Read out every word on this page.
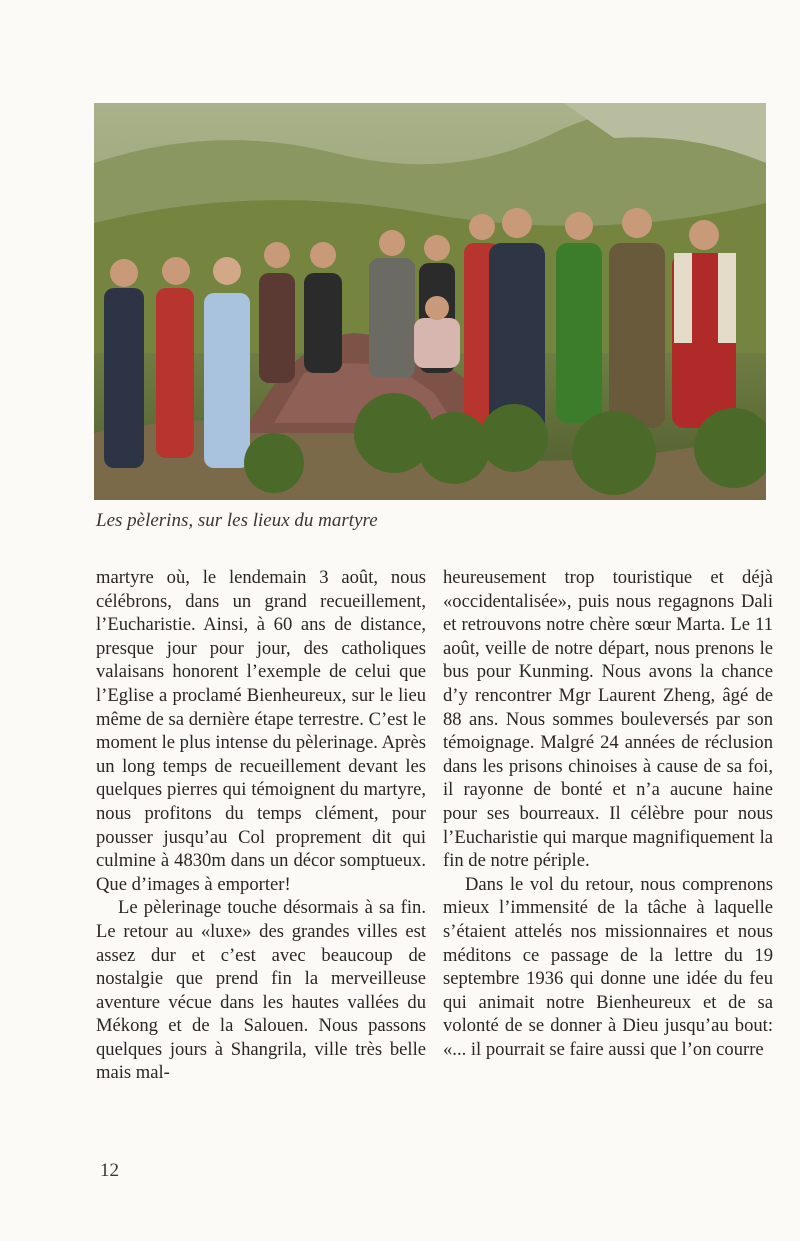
Les pèlerins, sur les lieux du martyre

martyre où, le lendemain 3 août, nous célébrons, dans un grand recueillement, l’Eucharistie. Ainsi, à 60 ans de distance, presque jour pour jour, des catholiques valaisans honorent l’exemple de celui que l’Eglise a proclamé Bienheureux, sur le lieu même de sa dernière étape terrestre. C’est le moment le plus intense du pèlerinage. Après un long temps de recueillement devant les quelques pierres qui témoignent du martyre, nous profitons du temps clément, pour pousser jusqu’au Col proprement dit qui culmine à 4830m dans un décor somptueux. Que d’images à emporter!

Le pèlerinage touche désormais à sa fin. Le retour au «luxe» des grandes villes est assez dur et c’est avec beaucoup de nostalgie que prend fin la merveilleuse aventure vécue dans les hautes vallées du Mékong et de la Salouen. Nous passons quelques jours à Shangrila, ville très belle mais mal-

heureusement trop touristique et déjà «occidentalisée», puis nous regagnons Dali et retrouvons notre chère sœur Marta. Le 11 août, veille de notre départ, nous prenons le bus pour Kunming. Nous avons la chance d’y rencontrer Mgr Laurent Zheng, âgé de 88 ans. Nous sommes bouleversés par son témoignage. Malgré 24 années de réclusion dans les prisons chinoises à cause de sa foi, il rayonne de bonté et n’a aucune haine pour ses bourreaux. Il célèbre pour nous l’Eucharistie qui marque magnifiquement la fin de notre périple.

Dans le vol du retour, nous comprenons mieux l’immensité de la tâche à laquelle s’étaient attelés nos missionnaires et nous méditons ce passage de la lettre du 19 septembre 1936 qui donne une idée du feu qui animait notre Bienheureux et de sa volonté de se donner à Dieu jusqu’au bout: «... il pourrait se faire aussi que l’on courre

12
